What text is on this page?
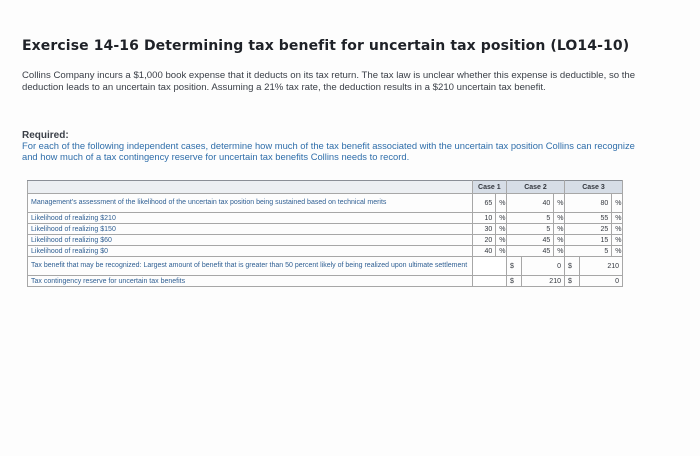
Exercise 14-16 Determining tax benefit for uncertain tax position (LO14-10)
Collins Company incurs a $1,000 book expense that it deducts on its tax return. The tax law is unclear whether this expense is deductible, so the deduction leads to an uncertain tax position. Assuming a 21% tax rate, the deduction results in a $210 uncertain tax benefit.
Required:
For each of the following independent cases, determine how much of the tax benefit associated with the uncertain tax position Collins can recognize and how much of a tax contingency reserve for uncertain tax benefits Collins needs to record.
	Case 1		Case 2			Case 3		
Management's assessment of the likelihood of the uncertain tax position being sustained based on technical merits	65	%	40		%	80		%
Likelihood of realizing $210	10	%	5		%	55		%
Likelihood of realizing $150	30	%	5		%	25		%
Likelihood of realizing $60	20	%	45		%	15		%
Likelihood of realizing $0	40	%	45		%	5		%
Tax benefit that may be recognized: Largest amount of benefit that is greater than 50 percent likely of being realized upon ultimate settlement			$	0		$	210	
Tax contingency reserve for uncertain tax benefits			$	210		$	0	
